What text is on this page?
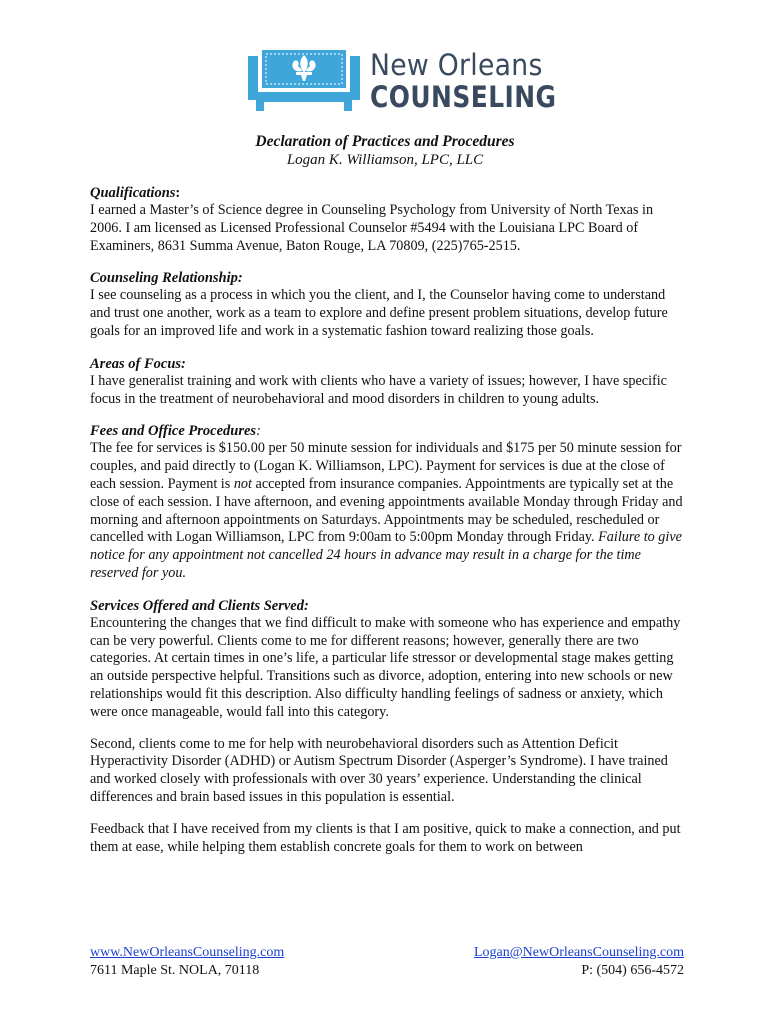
New Orleans
COUNSELING
Declaration of Practices and Procedures
Logan K. Williamson, LPC, LLC
Qualifications:

I earned a Master’s of Science degree in Counseling Psychology from University of North Texas in 2006. I am licensed as Licensed Professional Counselor #5494 with the Louisiana LPC Board of Examiners, 8631 Summa Avenue, Baton Rouge, LA 70809, (225)765-2515.

Counseling Relationship:

I see counseling as a process in which you the client, and I, the Counselor having come to understand and trust one another, work as a team to explore and define present problem situations, develop future goals for an improved life and work in a systematic fashion toward realizing those goals.

Areas of Focus:

I have generalist training and work with clients who have a variety of issues; however, I have specific focus in the treatment of neurobehavioral and mood disorders in children to young adults.

Fees and Office Procedures:

The fee for services is $150.00 per 50 minute session for individuals and $175 per 50 minute session for couples, and paid directly to (Logan K. Williamson, LPC). Payment for services is due at the close of each session. Payment is not accepted from insurance companies. Appointments are typically set at the close of each session. I have afternoon, and evening appointments available Monday through Friday and morning and afternoon appointments on Saturdays. Appointments may be scheduled, rescheduled or cancelled with Logan Williamson, LPC from 9:00am to 5:00pm Monday through Friday. Failure to give notice for any appointment not cancelled 24 hours in advance may result in a charge for the time reserved for you.

Services Offered and Clients Served:

Encountering the changes that we find difficult to make with someone who has experience and empathy can be very powerful. Clients come to me for different reasons; however, generally there are two categories. At certain times in one’s life, a particular life stressor or developmental stage makes getting an outside perspective helpful. Transitions such as divorce, adoption, entering into new schools or new relationships would fit this description. Also difficulty handling feelings of sadness or anxiety, which were once manageable, would fall into this category.

Second, clients come to me for help with neurobehavioral disorders such as Attention Deficit Hyperactivity Disorder (ADHD) or Autism Spectrum Disorder (Asperger’s Syndrome). I have trained and worked closely with professionals with over 30 years’ experience. Understanding the clinical differences and brain based issues in this population is essential.

Feedback that I have received from my clients is that I am positive, quick to make a connection, and put them at ease, while helping them establish concrete goals for them to work on between

www.NewOrleansCounseling.com
7611 Maple St. NOLA, 70118
Logan@NewOrleansCounseling.com
P: (504) 656-4572
